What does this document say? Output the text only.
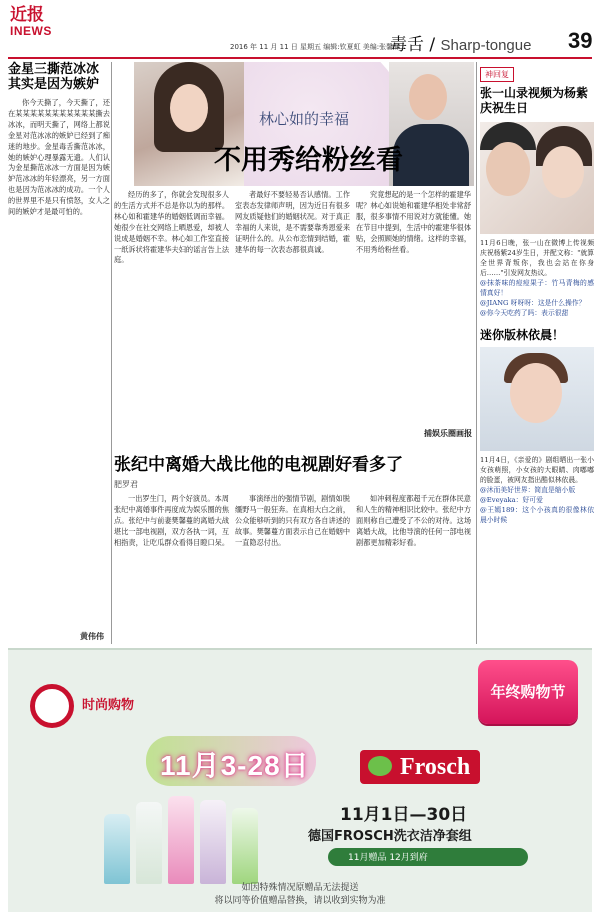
近报
INEWS
2016 年 11 月 11 日 星期五 编辑:钦夏虹 美编:张馨睇
毒舌 / Sharp-tongue 39
金星三撕范冰冰其实是因为嫉妒
你今天撕了，今天撕了，还在某某某某某某某某某某某撕去冰冰，而明天撕了，网络上都说金星对范冰冰的嫉妒已经到了痴迷的地步。金星毒舌撕范冰冰，她的嫉妒心理暴露无遗。人们认为金星撕范冰冰一方面是因为嫉妒范冰冰的年轻漂亮，另一方面也是因为范冰冰的成功。一个人的世界里不是只有愤怒，女人之间的嫉妒才是最可怕的。
黄伟伟
林心如的幸福
不用秀给粉丝看
经历的多了，你就会发现很多人的生活方式并不总是你以为的那样。林心如和霍建华的婚姻低调而幸福。她很少在社交网络上晒恩爱，却被人说成是婚姻不幸。林心如工作室直接一纸诉状将霍建华夫妇的谣言告上法庭。
者最好不要轻易否认感情。工作室表态发律师声明，因为近日有很多网友质疑他们的婚姻状况。对于真正幸福的人来说，是不需要靠秀恩爱来证明什么的。从公布恋情到结婚，霍建华的每一次表态都很真诚。
究竟想起的是一个怎样的霍建华呢？林心如说她和霍建华相处非常舒服，很多事情不用说对方就能懂。她在节目中提到，生活中的霍建华很体贴，会照顾她的情绪。这样的幸福，不用秀给粉丝看。
捕娱乐圈画报
张纪中离婚大战比他的电视剧好看多了
肥罗君
一出罗生门，两个好演员。本周张纪中离婚事件再度成为娱乐圈的焦点。张纪中与前妻樊馨蔓的离婚大战堪比一部电视剧，双方各执一词，互相指责，让吃瓜群众看得目瞪口呆。
事演绎出的强情节剧，剧情如脱缰野马一般狂奔。在真相大白之前，公众能够听到的只有双方各自讲述的故事。樊馨蔓方面表示自己在婚姻中一直隐忍付出。
如冲刺程度都超千元在群体民意和人生的精神相识比较中。张纪中方面则称自己遭受了不公的对待。这场离婚大战，比他导演的任何一部电视剧都更加精彩好看。
神回复
张一山录视频为杨紫庆祝生日
11月6日晚，张一山在微博上传视频庆祝杨紫24岁生日，并配文称："就算全世界背叛你，我也会站在你身后……"引发网友热议。
@抹茶味的痘痘果子：竹马青梅的感情真好！
@JIANG 呀呀呀：这是什么操作？
@你今天吃药了吗：表示很甜
迷你版林依晨！
11月4日，《亲爱的》剧组晒出一张小女孩萌照，小女孩的大眼睛、肉嘟嘟的脸蛋，被网友指出酷似林依晨。
@沐而美好世界：简直是缩小版
@Eveyaka：好可爱
@王嫣189：这个小孩真的很像林依晨小时候
时尚购物
11月3-28日
年终购物节
Frosch
11月1日—30日
德国FROSCH洗衣洁净套组
11月赠品 12月到府
如因特殊情况原赠品无法提送
将以同等价值赠品替换，请以收到实物为准
